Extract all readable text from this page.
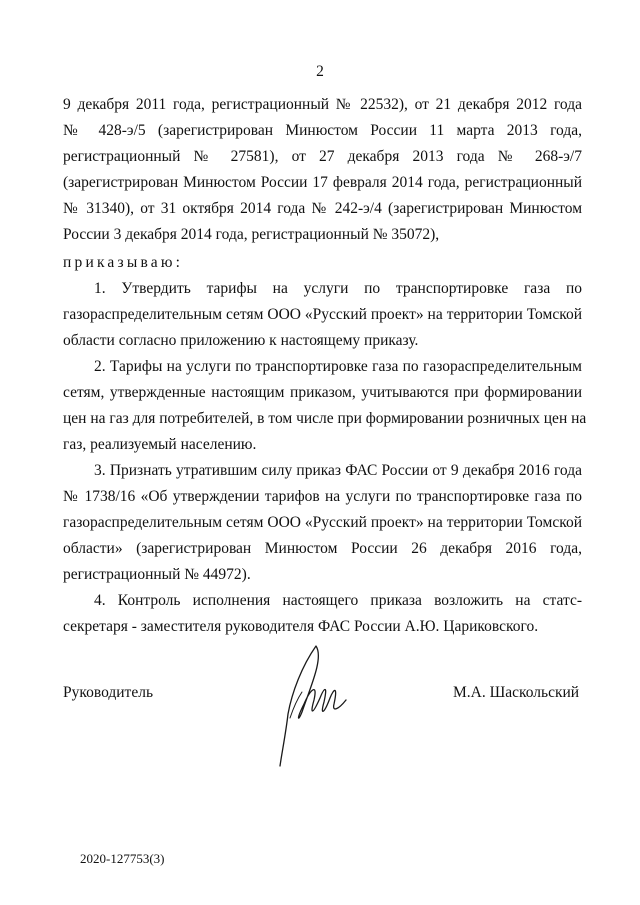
2
9 декабря 2011 года, регистрационный № 22532), от 21 декабря 2012 года
№ 428-э/5 (зарегистрирован Минюстом России 11 марта 2013 года,
регистрационный № 27581), от 27 декабря 2013 года № 268-э/7
(зарегистрирован Минюстом России 17 февраля 2014 года, регистрационный
№ 31340), от 31 октября 2014 года № 242-э/4 (зарегистрирован Минюстом
России 3 декабря 2014 года, регистрационный № 35072),
приказываю:
1. Утвердить тарифы на услуги по транспортировке газа по
газораспределительным сетям ООО «Русский проект» на территории Томской
области согласно приложению к настоящему приказу.
2. Тарифы на услуги по транспортировке газа по газораспределительным
сетям, утвержденные настоящим приказом, учитываются при формировании
цен на газ для потребителей, в том числе при формировании розничных цен на
газ, реализуемый населению.
3. Признать утратившим силу приказ ФАС России от 9 декабря 2016 года
№ 1738/16 «Об утверждении тарифов на услуги по транспортировке газа по
газораспределительным сетям ООО «Русский проект» на территории Томской
области» (зарегистрирован Минюстом России 26 декабря 2016 года,
регистрационный № 44972).
4. Контроль исполнения настоящего приказа возложить на статс-
секретаря - заместителя руководителя ФАС России А.Ю. Цариковского.
Руководитель	М.А. Шаскольский
2020-127753(3)
